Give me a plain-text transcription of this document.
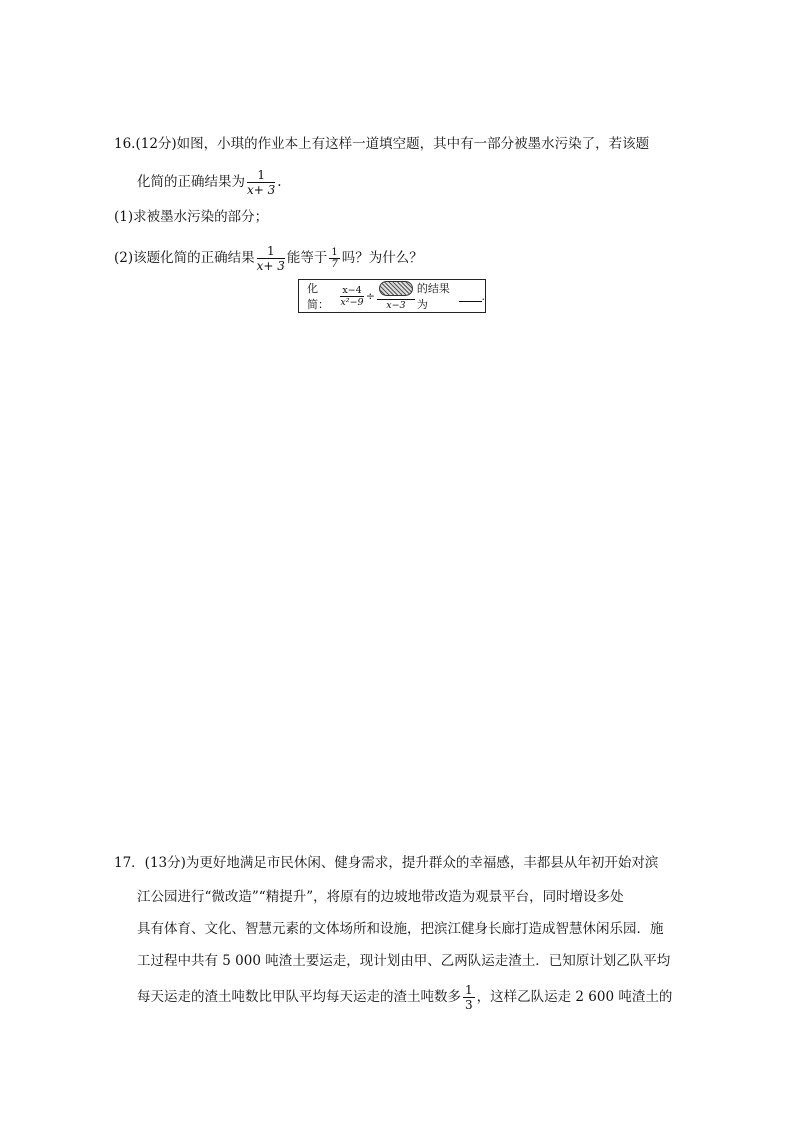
16.(12分)如图，小琪的作业本上有这样一道填空题，其中有一部分被墨水污染了，若该题
化简的正确结果为 $\frac{1}{x+ 3}$ .
(1)求被墨水污染的部分；
(2)该题化简的正确结果 $\frac{1}{x+ 3}$ 能等于 $\frac{1}{7}$ 吗？为什么？
化简：	$\frac{x-4}{\text{x²−9}}$ ÷
x−3
的结果为
.
17．(13分)为更好地满足市民休闲、健身需求，提升群众的幸福感，丰都县从年初开始对滨
江公园进行“微改造”“精提升”，将原有的边坡地带改造为观景平台，同时增设多处
具有体育、文化、智慧元素的文体场所和设施，把滨江健身长廊打造成智慧休闲乐园．施
工过程中共有 5 000 吨渣土要运走，现计划由甲、乙两队运走渣土．已知原计划乙队平均
每天运走的渣土吨数比甲队平均每天运走的渣土吨数多 $\frac{1}{3}$ ，这样乙队运走 2 600 吨渣土的
